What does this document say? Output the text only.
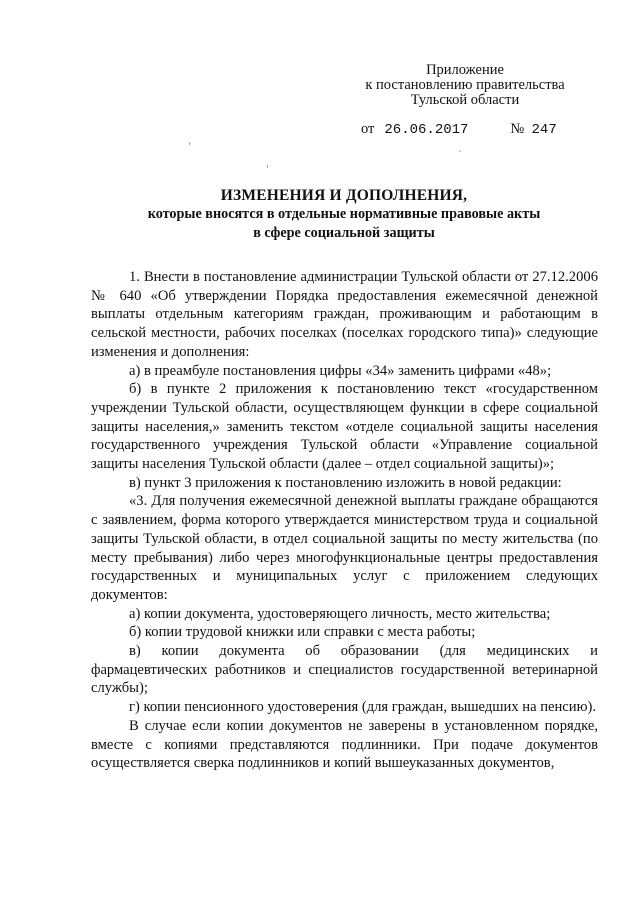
Приложение
к постановлению правительства
Тульской области
от 26.06.2017	№ 247
,
ˋ
'
ИЗМЕНЕНИЯ И ДОПОЛНЕНИЯ,
которые вносятся в отдельные нормативные правовые акты
в сфере социальной защиты

1. Внести в постановление администрации Тульской области от 27.12.2006 № 640 «Об утверждении Порядка предоставления ежемесячной денежной выплаты отдельным категориям граждан, проживающим и работающим в сельской местности, рабочих поселках (поселках городского типа)» следующие изменения и дополнения:

а) в преамбуле постановления цифры «34» заменить цифрами «48»;

б) в пункте 2 приложения к постановлению текст «государственном учреждении Тульской области, осуществляющем функции в сфере социальной защиты населения,» заменить текстом «отделе социальной защиты населения государственного учреждения Тульской области «Управление социальной защиты населения Тульской области (далее – отдел социальной защиты)»;

в) пункт 3 приложения к постановлению изложить в новой редакции:

«3. Для получения ежемесячной денежной выплаты граждане обращаются с заявлением, форма которого утверждается министерством труда и социальной защиты Тульской области, в отдел социальной защиты по месту жительства (по месту пребывания) либо через многофункциональные центры предоставления государственных и муниципальных услуг с приложением следующих документов:

а) копии документа, удостоверяющего личность, место жительства;

б) копии трудовой книжки или справки с места работы;

в) копии документа об образовании (для медицинских и фармацевтических работников и специалистов государственной ветеринарной службы);

г) копии пенсионного удостоверения (для граждан, вышедших на пенсию).

В случае если копии документов не заверены в установленном порядке, вместе с копиями представляются подлинники. При подаче документов осуществляется сверка подлинников и копий вышеуказанных документов,
